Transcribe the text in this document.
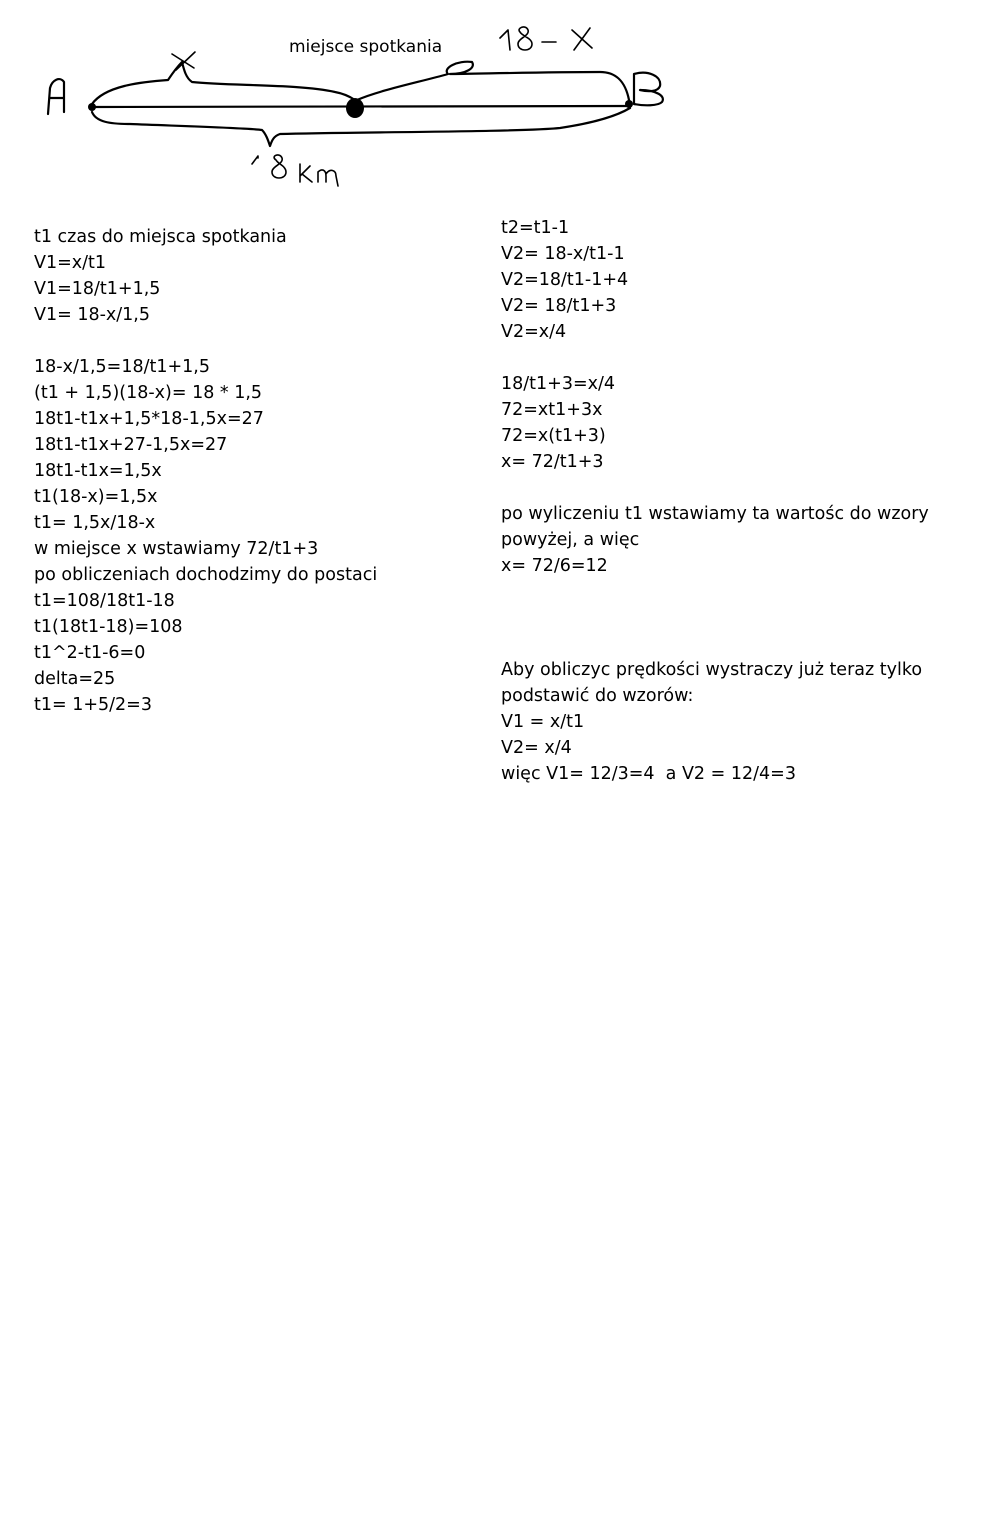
A	B
18 - x
18 km
x
miejsce spotkania
t1 czas do miejsca spotkania
V1=x/t1
V1=18/t1+1,5
V1= 18-x/1,5
18-x/1,5=18/t1+1,5
(t1 + 1,5)(18-x)= 18 * 1,5
18t1-t1x+1,5*18-1,5x=27
18t1-t1x+27-1,5x=27
18t1-t1x=1,5x
t1(18-x)=1,5x
t1= 1,5x/18-x
w miejsce x wstawiamy 72/t1+3
po obliczeniach dochodzimy do postaci
t1=108/18t1-18
t1(18t1-18)=108
t1^2-t1-6=0
delta=25
t1= 1+5/2=3
t2=t1-1
V2= 18-x/t1-1
V2=18/t1-1+4
V2= 18/t1+3
V2=x/4
18/t1+3=x/4
72=xt1+3x
72=x(t1+3)
x= 72/t1+3
po wyliczeniu t1 wstawiamy ta wartośc do wzory
powyżej, a więc
x= 72/6=12
Aby obliczyc prędkości wystraczy już teraz tylko
podstawić do wzorów:
V1 = x/t1
V2= x/4
więc V1= 12/3=4  a V2 = 12/4=3
